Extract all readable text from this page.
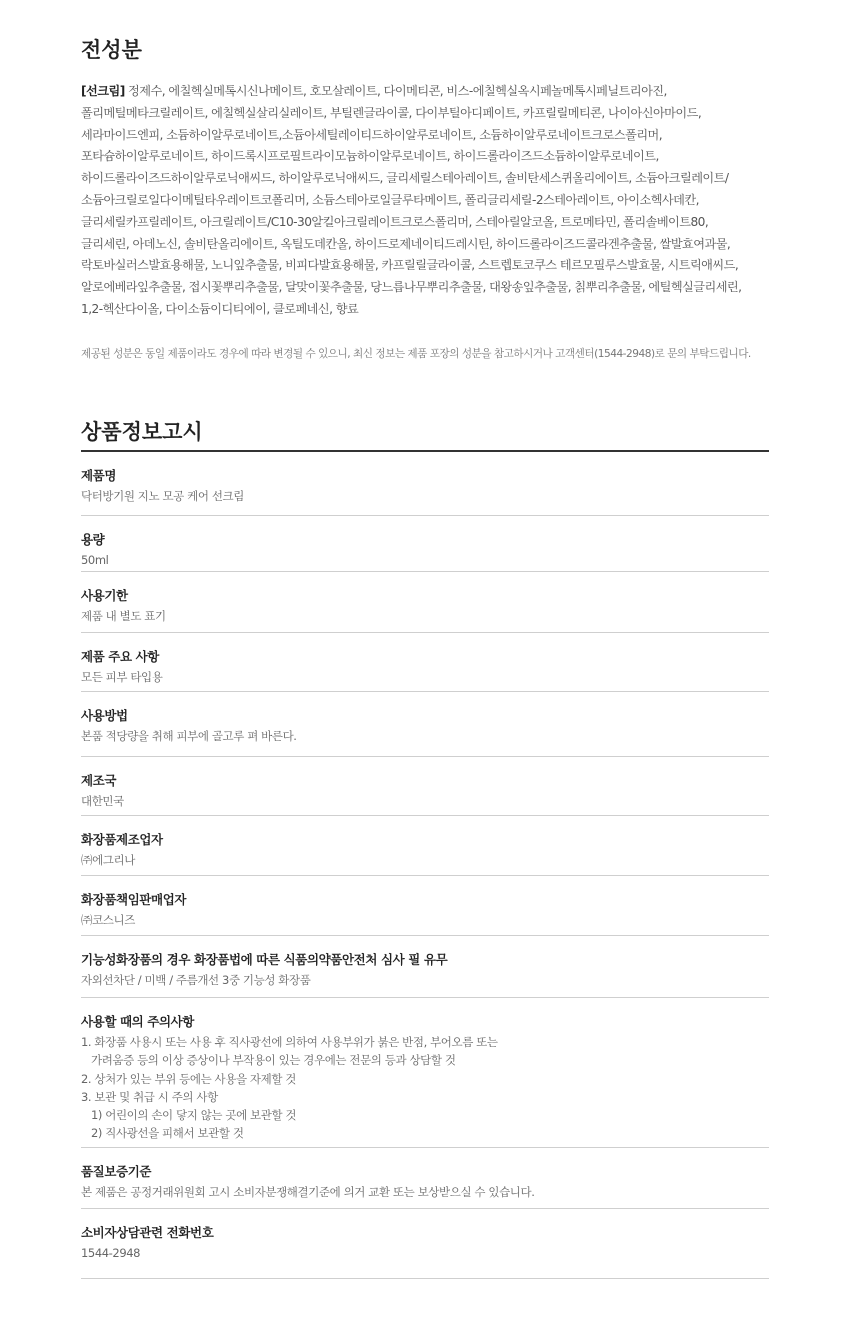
전성분
[선크림] 정제수, 에칠헥실메톡시신나메이트, 호모살레이트, 다이메티콘, 비스-에칠헥실옥시페놀메톡시페닐트리아진,
폴리메틸메타크릴레이트, 에칠헥실살리실레이트, 부틸렌글라이콜, 다이부틸아디페이트, 카프릴릴메티콘, 나이아신아마이드,
세라마이드엔피, 소듐하이알루로네이트,소듐아세틸레이티드하이알루로네이트, 소듐하이알루로네이트크로스폴리머,
포타슘하이알루로네이트, 하이드록시프로필트라이모늄하이알루로네이트, 하이드롤라이즈드소듐하이알루로네이트,
하이드롤라이즈드하이알루로닉애씨드, 하이알루로닉애씨드, 글리세릴스테아레이트, 솔비탄세스퀴올리에이트, 소듐아크릴레이트/
소듐아크릴로일다이메틸타우레이트코폴리머, 소듐스테아로일글루타메이트, 폴리글리세릴-2스테아레이트, 아이소헥사데칸,
글리세릴카프릴레이트, 아크릴레이트/C10-30알킬아크릴레이트크로스폴리머, 스테아릴알코올, 트로메타민, 폴리솔베이트80,
글리세린, 아데노신, 솔비탄올리에이트, 옥틸도데칸올, 하이드로제네이티드레시틴, 하이드롤라이즈드콜라겐추출물, 쌀발효여과물,
락토바실러스발효용해물, 노니잎추출물, 비피다발효용해물, 카프릴릴글라이콜, 스트렙토코쿠스 테르모필루스발효물, 시트릭애씨드,
알로에베라잎추출물, 접시꽃뿌리추출물, 달맞이꽃추출물, 당느릅나무뿌리추출물, 대왕송잎추출물, 칡뿌리추출물, 에틸헥실글리세린,
1,2-헥산다이올, 다이소듐이디티에이, 클로페네신, 향료
제공된 성분은 동일 제품이라도 경우에 따라 변경될 수 있으니, 최신 정보는 제품 포장의 성분을 참고하시거나 고객센터(1544-2948)로 문의 부탁드립니다.
상품정보고시
제품명
닥터방기원 지노 모공 케어 선크림
용량
50ml
사용기한
제품 내 별도 표기
제품 주요 사항
모든 피부 타입용
사용방법
본품 적당량을 취해 피부에 골고루 펴 바른다.
제조국
대한민국
화장품제조업자
㈜에그리나
화장품책임판매업자
㈜코스니즈
기능성화장품의 경우 화장품법에 따른 식품의약품안전처 심사 필 유무
자외선차단 / 미백 / 주름개선 3중 기능성 화장품
사용할 때의 주의사항
1. 화장품 사용시 또는 사용 후 직사광선에 의하여 사용부위가 붉은 반점, 부어오름 또는
가려움증 등의 이상 증상이나 부작용이 있는 경우에는 전문의 등과 상담할 것
2. 상처가 있는 부위 등에는 사용을 자제할 것
3. 보관 및 취급 시 주의 사항
1) 어린이의 손이 닿지 않는 곳에 보관할 것
2) 직사광선을 피해서 보관할 것
품질보증기준
본 제품은 공정거래위원회 고시 소비자분쟁해결기준에 의거 교환 또는 보상받으실 수 있습니다.
소비자상담관련 전화번호
1544-2948
